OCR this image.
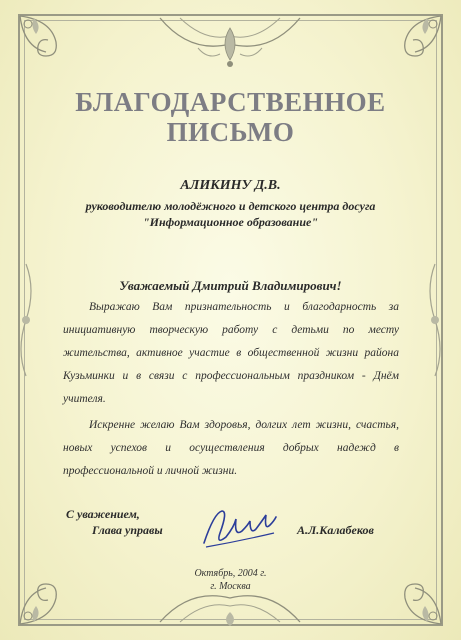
БЛАГОДАРСТВЕННОЕ
ПИСЬМО
АЛИКИНУ Д.В.
руководителю молодёжного и детского центра досуга
"Информационное образование"
Уважаемый Дмитрий Владимирович!
Выражаю Вам признательность и благодарность за инициативную творческую работу с детьми по месту жительства, активное участие в общественной жизни района Кузьминки и в связи с профессиональным праздником - Днём учителя.
Искренне желаю Вам здоровья, долгих лет жизни, счастья, новых успехов и осуществления добрых надежд в профессиональной и личной жизни.
С уважением,
Глава управы	А.Л.Калабеков
Октябрь, 2004 г.
г. Москва
